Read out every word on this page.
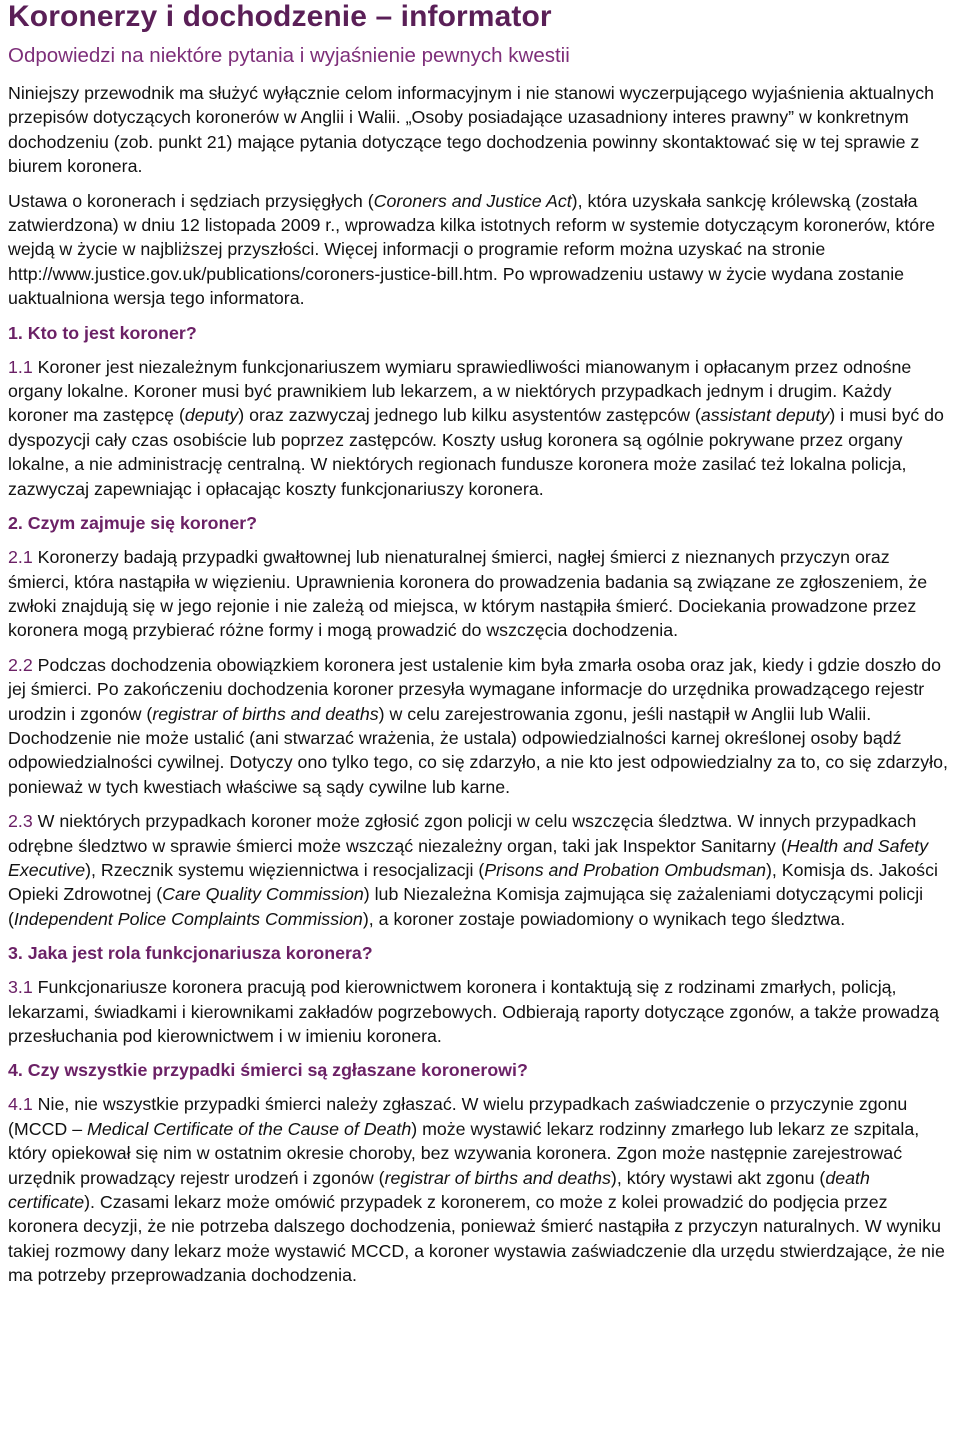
Koronerzy i dochodzenie – informator
Odpowiedzi na niektóre pytania i wyjaśnienie pewnych kwestii

Niniejszy przewodnik ma służyć wyłącznie celom informacyjnym i nie stanowi wyczerpującego wyjaśnienia aktualnych przepisów dotyczących koronerów w Anglii i Walii. „Osoby posiadające uzasadniony interes prawny” w konkretnym dochodzeniu (zob. punkt 21) mające pytania dotyczące tego dochodzenia powinny skontaktować się w tej sprawie z biurem koronera.

Ustawa o koronerach i sędziach przysięgłych (Coroners and Justice Act), która uzyskała sankcję królewską (została zatwierdzona) w dniu 12 listopada 2009 r., wprowadza kilka istotnych reform w systemie dotyczącym koronerów, które wejdą w życie w najbliższej przyszłości. Więcej informacji o programie reform można uzyskać na stronie http://www.justice.gov.uk/publications/coroners-justice-bill.htm. Po wprowadzeniu ustawy w życie wydana zostanie uaktualniona wersja tego informatora.

1. Kto to jest koroner?

1.1 Koroner jest niezależnym funkcjonariuszem wymiaru sprawiedliwości mianowanym i opłacanym przez odnośne organy lokalne. Koroner musi być prawnikiem lub lekarzem, a w niektórych przypadkach jednym i drugim. Każdy koroner ma zastępcę (deputy) oraz zazwyczaj jednego lub kilku asystentów zastępców (assistant deputy) i musi być do dyspozycji cały czas osobiście lub poprzez zastępców. Koszty usług koronera są ogólnie pokrywane przez organy lokalne, a nie administrację centralną. W niektórych regionach fundusze koronera może zasilać też lokalna policja, zazwyczaj zapewniając i opłacając koszty funkcjonariuszy koronera.

2. Czym zajmuje się koroner?

2.1 Koronerzy badają przypadki gwałtownej lub nienaturalnej śmierci, nagłej śmierci z nieznanych przyczyn oraz śmierci, która nastąpiła w więzieniu. Uprawnienia koronera do prowadzenia badania są związane ze zgłoszeniem, że zwłoki znajdują się w jego rejonie i nie zależą od miejsca, w którym nastąpiła śmierć. Dociekania prowadzone przez koronera mogą przybierać różne formy i mogą prowadzić do wszczęcia dochodzenia.

2.2 Podczas dochodzenia obowiązkiem koronera jest ustalenie kim była zmarła osoba oraz jak, kiedy i gdzie doszło do jej śmierci. Po zakończeniu dochodzenia koroner przesyła wymagane informacje do urzędnika prowadzącego rejestr urodzin i zgonów (registrar of births and deaths) w celu zarejestrowania zgonu, jeśli nastąpił w Anglii lub Walii. Dochodzenie nie może ustalić (ani stwarzać wrażenia, że ustala) odpowiedzialności karnej określonej osoby bądź odpowiedzialności cywilnej. Dotyczy ono tylko tego, co się zdarzyło, a nie kto jest odpowiedzialny za to, co się zdarzyło, ponieważ w tych kwestiach właściwe są sądy cywilne lub karne.

2.3 W niektórych przypadkach koroner może zgłosić zgon policji w celu wszczęcia śledztwa. W innych przypadkach odrębne śledztwo w sprawie śmierci może wszcząć niezależny organ, taki jak Inspektor Sanitarny (Health and Safety Executive), Rzecznik systemu więziennictwa i resocjalizacji (Prisons and Probation Ombudsman), Komisja ds. Jakości Opieki Zdrowotnej (Care Quality Commission) lub Niezależna Komisja zajmująca się zażaleniami dotyczącymi policji (Independent Police Complaints Commission), a koroner zostaje powiadomiony o wynikach tego śledztwa.

3. Jaka jest rola funkcjonariusza koronera?

3.1 Funkcjonariusze koronera pracują pod kierownictwem koronera i kontaktują się z rodzinami zmarłych, policją, lekarzami, świadkami i kierownikami zakładów pogrzebowych. Odbierają raporty dotyczące zgonów, a także prowadzą przesłuchania pod kierownictwem i w imieniu koronera.

4. Czy wszystkie przypadki śmierci są zgłaszane koronerowi?

4.1 Nie, nie wszystkie przypadki śmierci należy zgłaszać. W wielu przypadkach zaświadczenie o przyczynie zgonu (MCCD – Medical Certificate of the Cause of Death) może wystawić lekarz rodzinny zmarłego lub lekarz ze szpitala, który opiekował się nim w ostatnim okresie choroby, bez wzywania koronera. Zgon może następnie zarejestrować urzędnik prowadzący rejestr urodzeń i zgonów (registrar of births and deaths), który wystawi akt zgonu (death certificate). Czasami lekarz może omówić przypadek z koronerem, co może z kolei prowadzić do podjęcia przez koronera decyzji, że nie potrzeba dalszego dochodzenia, ponieważ śmierć nastąpiła z przyczyn naturalnych. W wyniku takiej rozmowy dany lekarz może wystawić MCCD, a koroner wystawia zaświadczenie dla urzędu stwierdzające, że nie ma potrzeby przeprowadzania dochodzenia.
